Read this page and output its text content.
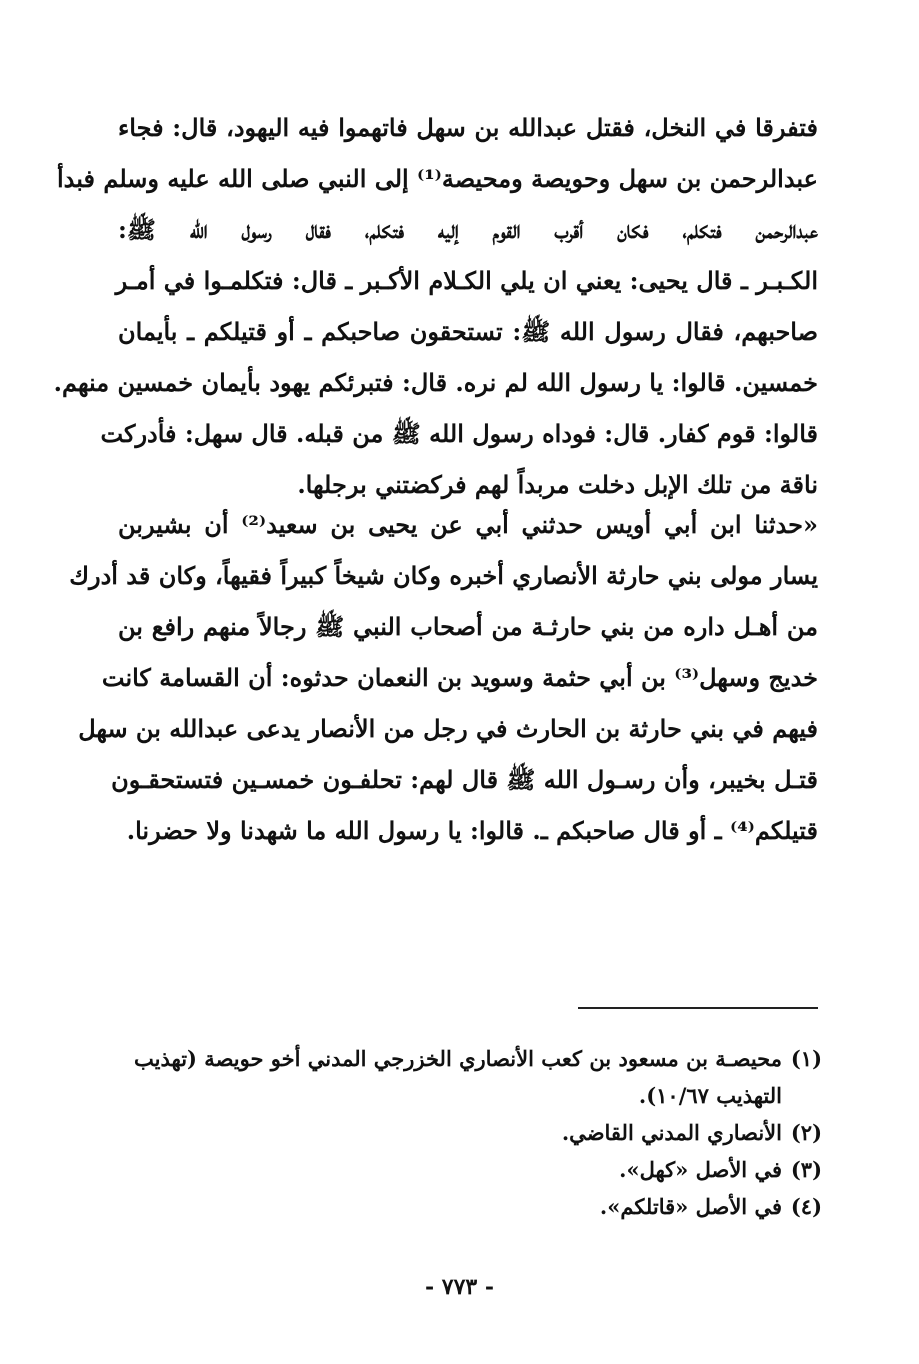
فتفرقا في النخل، فقتل عبدالله بن سهل فاتهموا فيه اليهود، قال: فجاء
عبدالرحمن بن سهل وحويصة ومحيصة⁽¹⁾ إلى النبي صلى الله عليه وسلم فبدأ
عبدالرحمن فتكلم، فكان أقرب القوم إليه فتكلم، فقال رسول الله ﷺ:
الكـبـر ـ قال يحيى: يعني ان يلي الكـلام الأكـبر ـ قال: فتكلمـوا في أمـر
صاحبهم، فقال رسول الله ﷺ: تستحقون صاحبكم ـ أو قتيلكم ـ بأيمان
خمسين. قالوا: يا رسول الله لم نره. قال: فتبرئكم يهود بأيمان خمسين منهم.
قالوا: قوم كفار. قال: فوداه رسول الله ﷺ من قبله. قال سهل: فأدركت
ناقة من تلك الإبل دخلت مربداً لهم فركضتني برجلها.
«حدثنا ابن أبي أويس حدثني أبي عن يحيى بن سعيد⁽²⁾ أن بشيربن
يسار مولى بني حارثة الأنصاري أخبره وكان شيخاً كبيراً فقيهاً، وكان قد أدرك
من أهـل داره من بني حارثـة من أصحاب النبي ﷺ رجالاً منهم رافع بن
خديج وسهل⁽³⁾ بن أبي حثمة وسويد بن النعمان حدثوه: أن القسامة كانت
فيهم في بني حارثة بن الحارث في رجل من الأنصار يدعى عبدالله بن سهل
قتـل بخيبر، وأن رسـول الله ﷺ قال لهم: تحلفـون خمسـين فتستحقـون
قتيلكم⁽⁴⁾ ـ أو قال صاحبكم ـ. قالوا: يا رسول الله ما شهدنا ولا حضرنا.
(١)
محيصـة بن مسعود بن كعب الأنصاري الخزرجي المدني أخو حويصة (تهذيب
التهذيب ١٠/٦٧).
(٢)
الأنصاري المدني القاضي.
(٣)
في الأصل «كهل».
(٤)
في الأصل «قاتلكم».
- ٧٧٣ -
